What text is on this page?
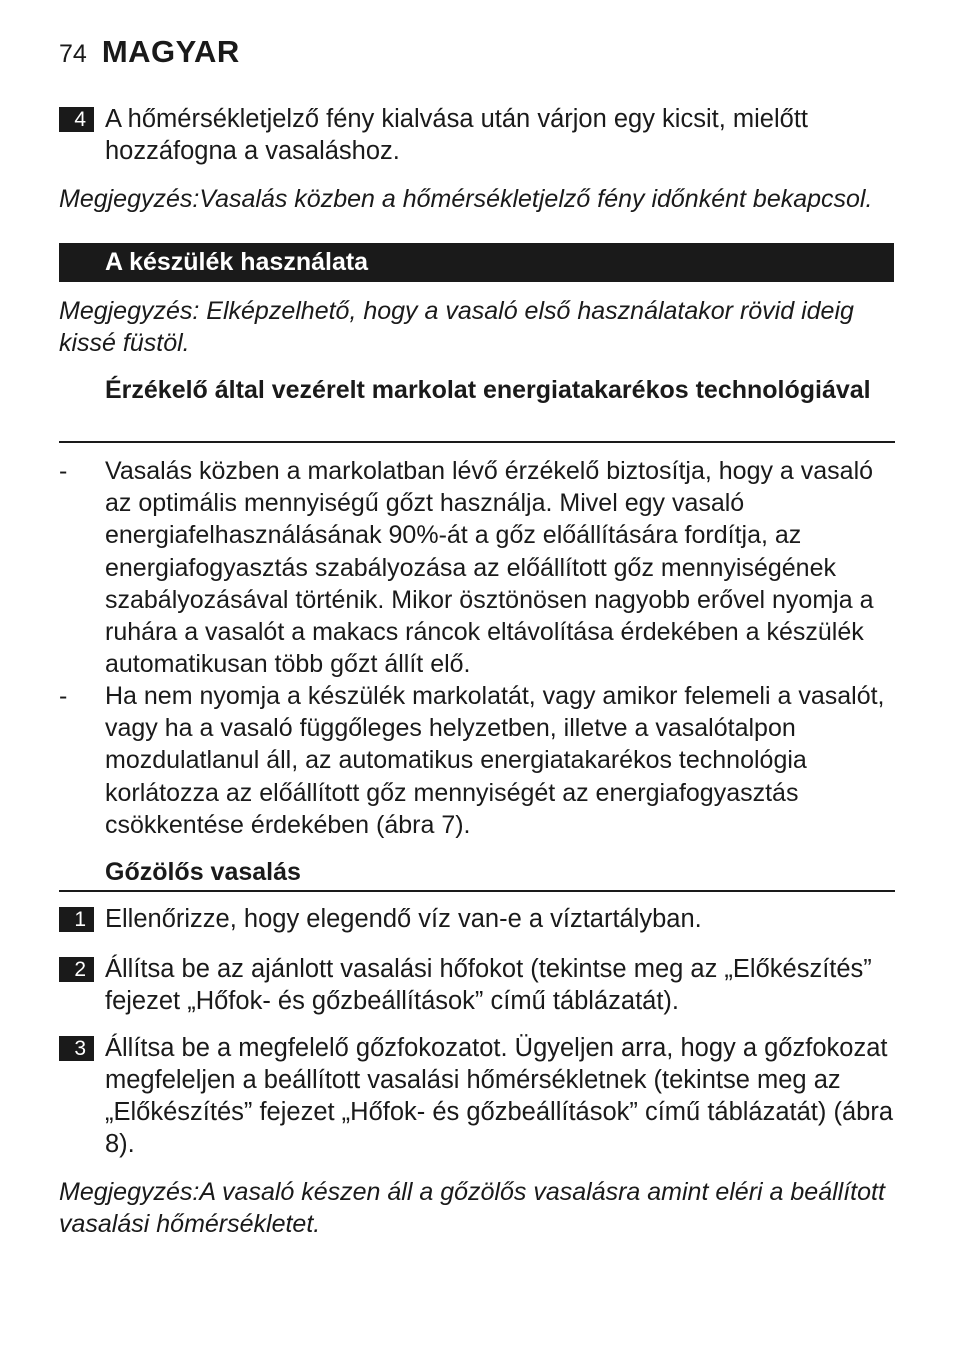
74 MAGYAR
4 A hőmérsékletjelző fény kialvása után várjon egy kicsit, mielőtt hozzáfogna a vasaláshoz.
Megjegyzés:Vasalás közben a hőmérsékletjelző fény időnként bekapcsol.
A készülék használata
Megjegyzés: Elképzelhető, hogy a vasaló első használatakor rövid ideig kissé füstöl.
Érzékelő által vezérelt markolat energiatakarékos technológiával
-	Vasalás közben a markolatban lévő érzékelő biztosítja, hogy a vasaló az optimális mennyiségű gőzt használja. Mivel egy vasaló energiafelhasználásának 90%-át a gőz előállítására fordítja, az energiafogyasztás szabályozása az előállított gőz mennyiségének szabályozásával történik. Mikor ösztönösen nagyobb erővel nyomja a ruhára a vasalót a makacs ráncok eltávolítása érdekében a készülék automatikusan több gőzt állít elő.
-	Ha nem nyomja a készülék markolatát, vagy amikor felemeli a vasalót, vagy ha a vasaló függőleges helyzetben, illetve a vasalótalpon mozdulatlanul áll, az automatikus energiatakarékos technológia korlátozza az előállított gőz mennyiségét az energiafogyasztás csökkentése érdekében (ábra 7).
Gőzölős vasalás
1 Ellenőrizze, hogy elegendő víz van-e a víztartályban.
2 Állítsa be az ajánlott vasalási hőfokot (tekintse meg az „Előkészítés” fejezet „Hőfok- és gőzbeállítások” című táblázatát).
3 Állítsa be a megfelelő gőzfokozatot. Ügyeljen arra, hogy a gőzfokozat megfeleljen a beállított vasalási hőmérsékletnek (tekintse meg az „Előkészítés” fejezet „Hőfok- és gőzbeállítások” című táblázatát) (ábra 8).
Megjegyzés:A vasaló készen áll a gőzölős vasalásra amint eléri a beállított vasalási hőmérsékletet.
